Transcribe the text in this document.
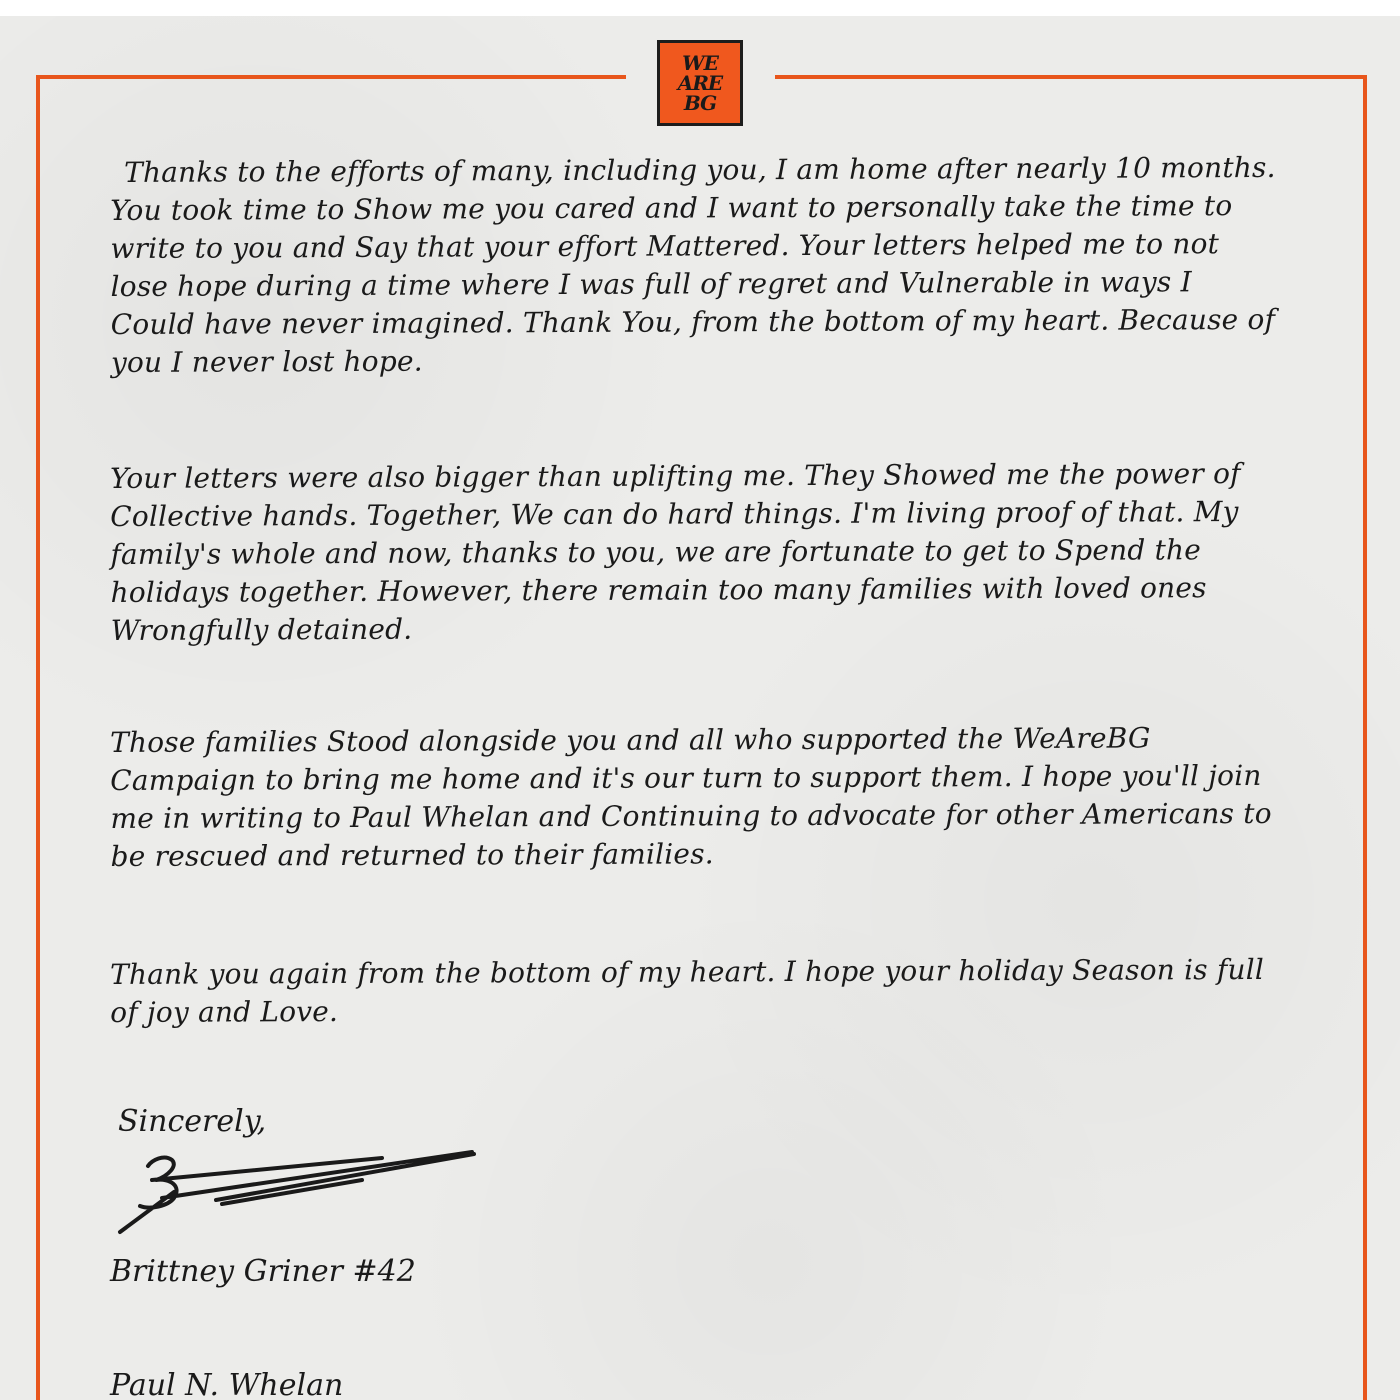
WE
ARE
BG

Thanks to the efforts of many, including you, I am home after nearly 10 months. You took time to Show me you cared and I want to personally take the time to write to you and Say that your effort Mattered. Your letters helped me to not lose hope during a time where I was full of regret and Vulnerable in ways I Could have never imagined. Thank You, from the bottom of my heart. Because of you I never lost hope.

Your letters were also bigger than uplifting me. They Showed me the power of Collective hands. Together, We can do hard things. I'm living proof of that. My family's whole and now, thanks to you, we are fortunate to get to Spend the holidays together. However, there remain too many families with loved ones Wrongfully detained.

Those families Stood alongside you and all who supported the WeAreBG Campaign to bring me home and it's our turn to support them. I hope you'll join me in writing to Paul Whelan and Continuing to advocate for other Americans to be rescued and returned to their families.

Thank you again from the bottom of my heart. I hope your holiday Season is full of joy and Love.

Sincerely,
Brittney Griner #42
Paul N. Whelan
